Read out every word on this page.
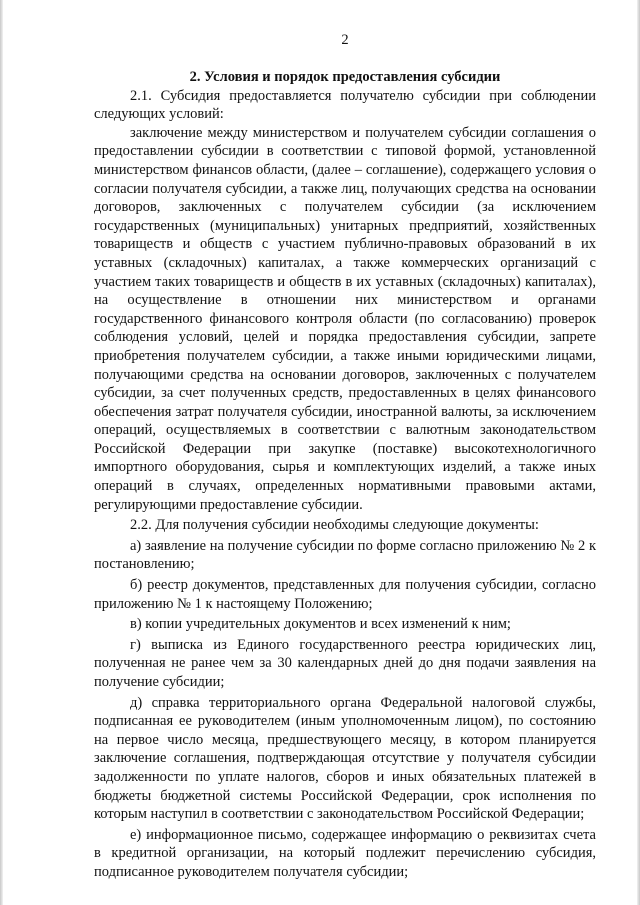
2
2. Условия и порядок предоставления субсидии

2.1. Субсидия предоставляется получателю субсидии при соблюдении следующих условий:

заключение между министерством и получателем субсидии соглашения о предоставлении субсидии в соответствии с типовой формой, установленной министерством финансов области, (далее – соглашение), содержащего условия о согласии получателя субсидии, а также лиц, получающих средства на основании договоров, заключенных с получателем субсидии (за исключением государственных (муниципальных) унитарных предприятий, хозяйственных товариществ и обществ с участием публично-правовых образований в их уставных (складочных) капиталах, а также коммерческих организаций с участием таких товариществ и обществ в их уставных (складочных) капиталах), на осуществление в отношении них министерством и органами государственного финансового контроля области (по согласованию) проверок соблюдения условий, целей и порядка предоставления субсидии, запрете приобретения получателем субсидии, а также иными юридическими лицами, получающими средства на основании договоров, заключенных с получателем субсидии, за счет полученных средств, предоставленных в целях финансового обеспечения затрат получателя субсидии, иностранной валюты, за исключением операций, осуществляемых в соответствии с валютным законодательством Российской Федерации при закупке (поставке) высокотехнологичного импортного оборудования, сырья и комплектующих изделий, а также иных операций в случаях, определенных нормативными правовыми актами, регулирующими предоставление субсидии.

2.2. Для получения субсидии необходимы следующие документы:

а) заявление на получение субсидии по форме согласно приложению № 2 к постановлению;

б) реестр документов, представленных для получения субсидии, согласно приложению № 1 к настоящему Положению;

в) копии учредительных документов и всех изменений к ним;

г) выписка из Единого государственного реестра юридических лиц, полученная не ранее чем за 30 календарных дней до дня подачи заявления на получение субсидии;

д) справка территориального органа Федеральной налоговой службы, подписанная ее руководителем (иным уполномоченным лицом), по состоянию на первое число месяца, предшествующего месяцу, в котором планируется заключение соглашения, подтверждающая отсутствие у получателя субсидии задолженности по уплате налогов, сборов и иных обязательных платежей в бюджеты бюджетной системы Российской Федерации, срок исполнения по которым наступил в соответствии с законодательством Российской Федерации;

е) информационное письмо, содержащее информацию о реквизитах счета в кредитной организации, на который подлежит перечислению субсидия, подписанное руководителем получателя субсидии;
